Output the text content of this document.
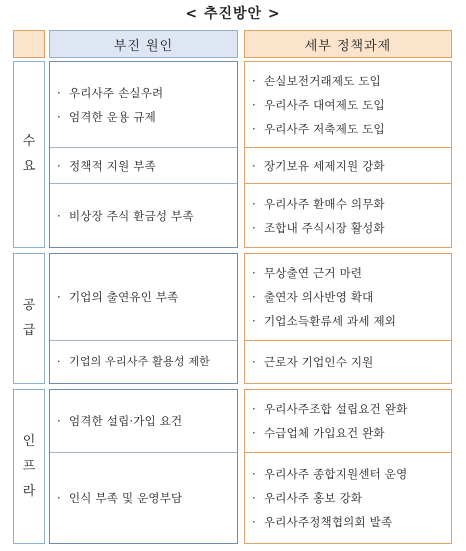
< 추진방안 >
부진 원인	세부 정책과제
수
요
· 우리사주 손실우려
· 엄격한 운용 규제
· 정책적 지원 부족
· 비상장 주식 환금성 부족
· 손실보전거래제도 도입
· 우리사주 대여제도 도입
· 우리사주 저축제도 도입
· 장기보유 세제지원 강화
· 우리사주 환매수 의무화
· 조합내 주식시장 활성화
공
급
· 기업의 출연유인 부족
· 기업의 우리사주 활용성 제한
· 무상출연 근거 마련
· 출연자 의사반영 확대
· 기업소득환류세 과세 제외
· 근로자 기업인수 지원
인
프
라
· 엄격한 설립·가입 요건
· 인식 부족 및 운영부담
· 우리사주조합 설립요건 완화
· 수급업체 가입요건 완화
· 우리사주 종합지원센터 운영
· 우리사주 홍보 강화
· 우리사주정책협의회 발족
